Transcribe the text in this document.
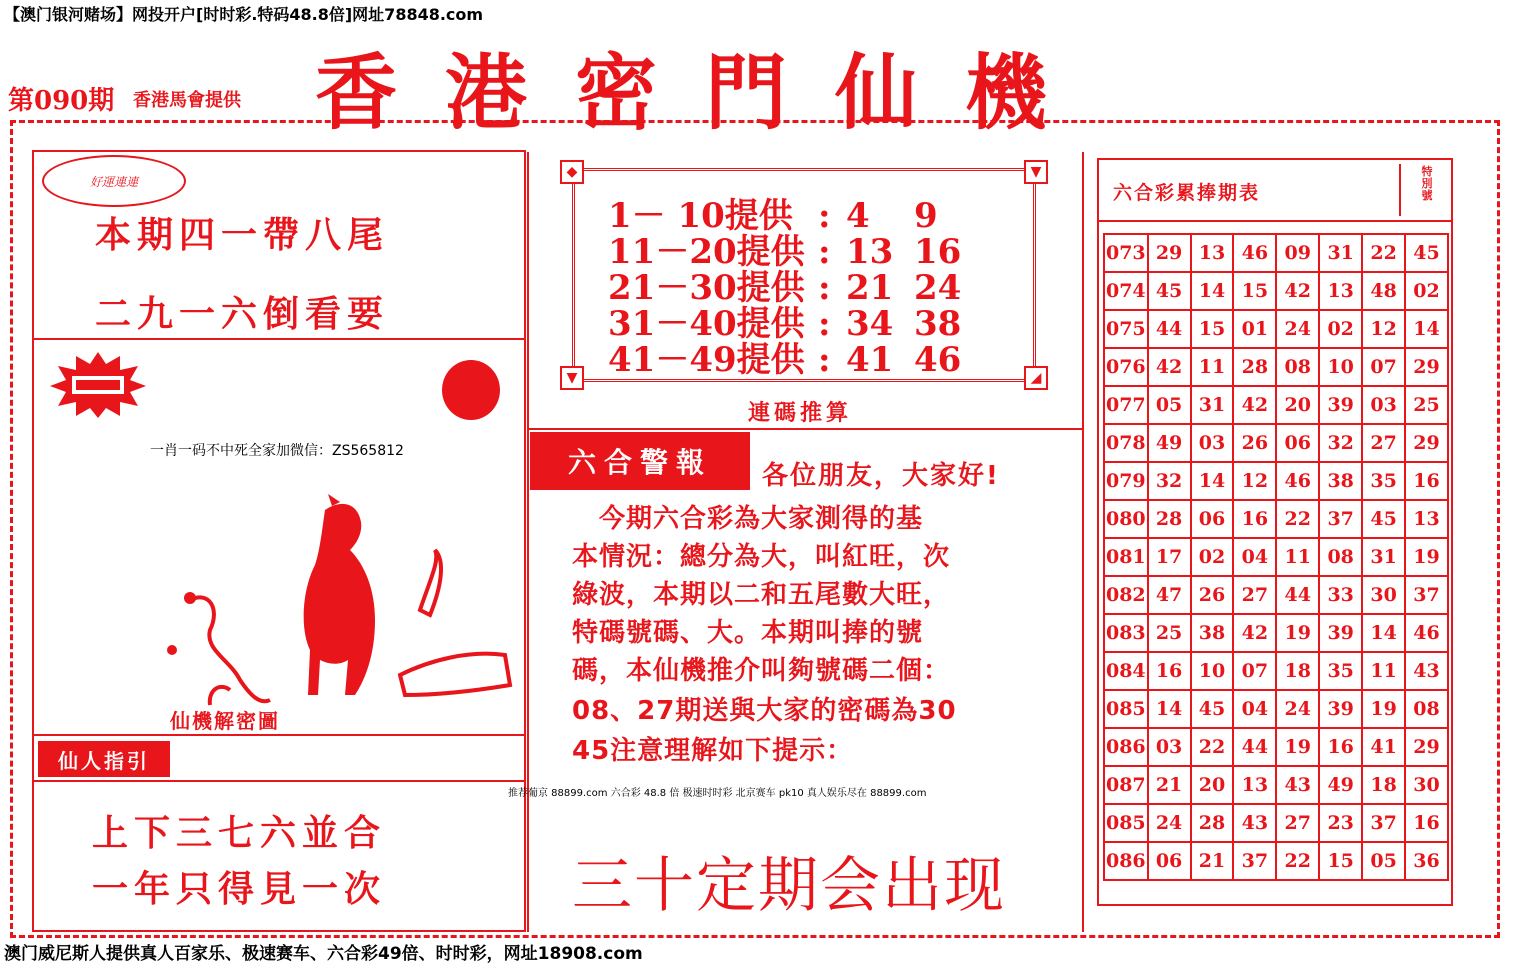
【澳门银河赌场】网投开户[时时彩.特码48.8倍]网址78848.com
香港密門仙機
第090期 香港馬會提供
好運連連
本期四一帶八尾
二九一六倒看要
一肖一码不中死全家加微信：ZS565812
仙機解密圖
仙人指引
上下三七六並合
一年只得見一次
◆	▼
▼	◢
1－ 10提供 : 4 9
11－20提供 : 13 16
21－30提供 : 21 24
31－40提供 : 34 38
41－49提供 : 41 46
連碼推算
六合警報	各位朋友，大家好!
　今期六合彩為大家測得的基
本情況：總分為大，叫紅旺，次
綠波，本期以二和五尾數大旺，
特碼號碼、大。本期叫捧的號
碼，本仙機推介叫夠號碼二個：
08、27期送與大家的密碼為30
45注意理解如下提示：
推荐葡京 88899.com 六合彩 48.8 倍 极速时时彩 北京赛车 pk10 真人娱乐尽在 88899.com
三十定期会出现
六合彩累捧期表
特別號
073	29	13	46	09	31	22	45
074	45	14	15	42	13	48	02
075	44	15	01	24	02	12	14
076	42	11	28	08	10	07	29
077	05	31	42	20	39	03	25
078	49	03	26	06	32	27	29
079	32	14	12	46	38	35	16
080	28	06	16	22	37	45	13
081	17	02	04	11	08	31	19
082	47	26	27	44	33	30	37
083	25	38	42	19	39	14	46
084	16	10	07	18	35	11	43
085	14	45	04	24	39	19	08
086	03	22	44	19	16	41	29
087	21	20	13	43	49	18	30
085	24	28	43	27	23	37	16
086	06	21	37	22	15	05	36
澳门威尼斯人提供真人百家乐、极速赛车、六合彩49倍、时时彩，网址18908.com
